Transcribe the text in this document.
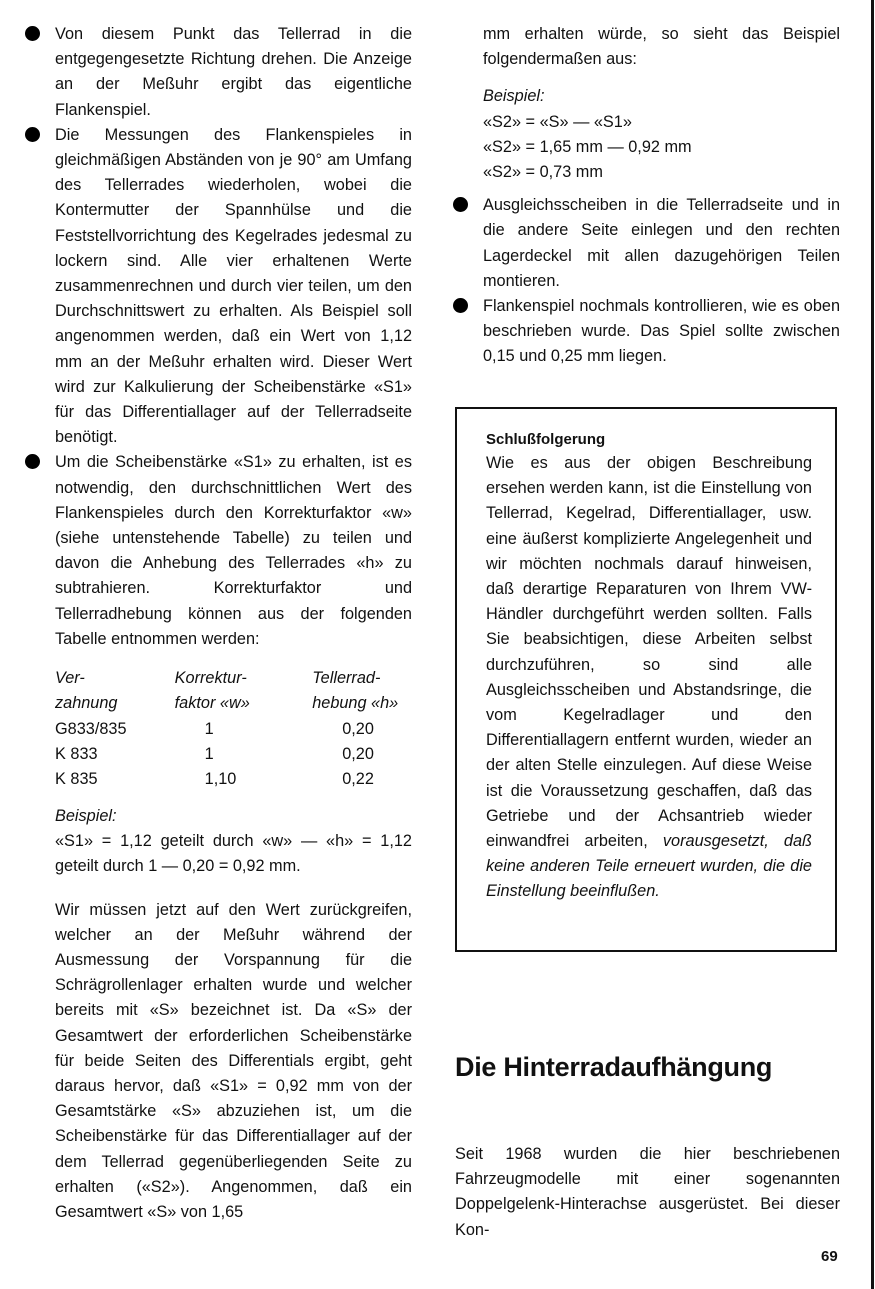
Von diesem Punkt das Tellerrad in die entgegengesetzte Richtung drehen. Die Anzeige an der Meßuhr ergibt das eigentliche Flankenspiel.

Die Messungen des Flankenspieles in gleichmäßigen Abständen von je 90° am Umfang des Tellerrades wiederholen, wobei die Kontermutter der Spannhülse und die Feststellvorrichtung des Kegelrades jedesmal zu lockern sind. Alle vier erhaltenen Werte zusammenrechnen und durch vier teilen, um den Durchschnittswert zu erhalten. Als Beispiel soll angenommen werden, daß ein Wert von 1,12 mm an der Meßuhr erhalten wird. Dieser Wert wird zur Kalkulierung der Scheibenstärke «S1» für das Differentiallager auf der Tellerradseite benötigt.

Um die Scheibenstärke «S1» zu erhalten, ist es notwendig, den durchschnittlichen Wert des Flankenspieles durch den Korrekturfaktor «w» (siehe untenstehende Tabelle) zu teilen und davon die Anhebung des Tellerrades «h» zu subtrahieren. Korrekturfaktor und Tellerradhebung können aus der folgenden Tabelle entnommen werden:

Ver-	Korrektur-	Tellerrad-
zahnung	faktor «w»	hebung «h»
G833/835	1	0,20
K 833	1	0,20
K 835	1,10	0,22

Beispiel:

«S1» = 1,12 geteilt durch «w» — «h» = 1,12 geteilt durch 1 — 0,20 = 0,92 mm.

Wir müssen jetzt auf den Wert zurückgreifen, welcher an der Meßuhr während der Ausmessung der Vorspannung für die Schrägrollenlager erhalten wurde und welcher bereits mit «S» bezeichnet ist. Da «S» der Gesamtwert der erforderlichen Scheibenstärke für beide Seiten des Differentials ergibt, geht daraus hervor, daß «S1» = 0,92 mm von der Gesamtstärke «S» abzuziehen ist, um die Scheibenstärke für das Differentiallager auf der dem Tellerrad gegenüberliegenden Seite zu erhalten («S2»). Angenommen, daß ein Gesamtwert «S» von 1,65

mm erhalten würde, so sieht das Beispiel folgendermaßen aus:

Beispiel:

«S2» = «S» — «S1»

«S2» = 1,65 mm — 0,92 mm

«S2» = 0,73 mm

Ausgleichsscheiben in die Tellerradseite und in die andere Seite einlegen und den rechten Lagerdeckel mit allen dazugehörigen Teilen montieren.

Flankenspiel nochmals kontrollieren, wie es oben beschrieben wurde. Das Spiel sollte zwischen 0,15 und 0,25 mm liegen.

Schlußfolgerung

Wie es aus der obigen Beschreibung ersehen werden kann, ist die Einstellung von Tellerrad, Kegelrad, Differentiallager, usw. eine äußerst komplizierte Angelegenheit und wir möchten nochmals darauf hinweisen, daß derartige Reparaturen von Ihrem VW-Händler durchgeführt werden sollten. Falls Sie beabsichtigen, diese Arbeiten selbst durchzuführen, so sind alle Ausgleichsscheiben und Abstandsringe, die vom Kegelradlager und den Differentiallagern entfernt wurden, wieder an der alten Stelle einzulegen. Auf diese Weise ist die Voraussetzung geschaffen, daß das Getriebe und der Achsantrieb wieder einwandfrei arbeiten, vorausgesetzt, daß keine anderen Teile erneuert wurden, die die Einstellung beeinflußen.

Die Hinterradaufhängung

Seit 1968 wurden die hier beschriebenen Fahrzeugmodelle mit einer sogenannten Doppelgelenk-Hinterachse ausgerüstet. Bei dieser Kon-

69
